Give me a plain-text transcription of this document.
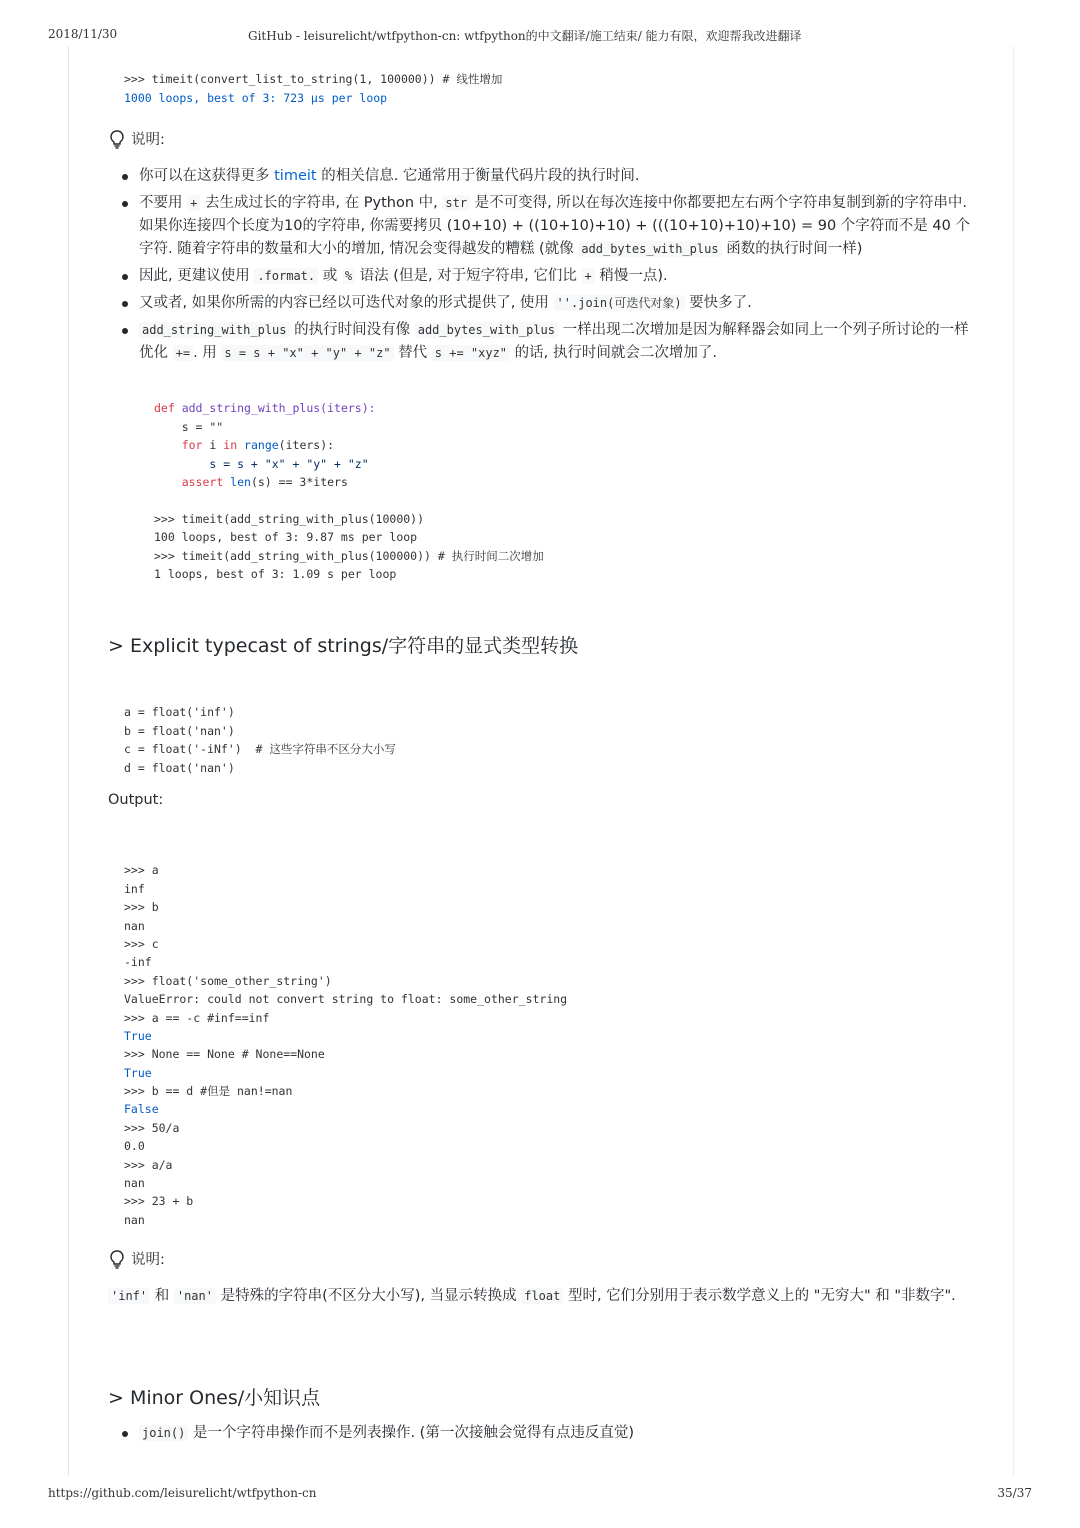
2018/11/30	GitHub - leisurelicht/wtfpython-cn: wtfpython的中文翻译/施工结束/ 能力有限，欢迎帮我改进翻译

>>> timeit(convert_list_to_string(1, 100000)) # 线性增加
1000 loops, best of 3: 723 μs per loop
说明:
你可以在这获得更多 timeit 的相关信息. 它通常用于衡量代码片段的执行时间.
不要用 + 去生成过长的字符串, 在 Python 中, str 是不可变得, 所以在每次连接中你都要把左右两个字符串复制到新的字符串中. 如果你连接四个长度为10的字符串, 你需要拷贝 (10+10) + ((10+10)+10) + (((10+10)+10)+10) = 90 个字符而不是 40 个字符. 随着字符串的数量和大小的增加, 情况会变得越发的糟糕 (就像 add_bytes_with_plus 函数的执行时间一样)
因此, 更建议使用 .format. 或 % 语法 (但是, 对于短字符串, 它们比 + 稍慢一点).
又或者, 如果你所需的内容已经以可迭代对象的形式提供了, 使用 ''.join(可迭代对象) 要快多了.
add_string_with_plus 的执行时间没有像 add_bytes_with_plus 一样出现二次增加是因为解释器会如同上一个列子所讨论的一样优化 += . 用 s = s + "x" + "y" + "z" 替代 s += "xyz" 的话, 执行时间就会二次增加了.

def add_string_with_plus(iters):
s = ""
for i in range(iters):
s = s + "x" + "y" + "z"
assert len(s) == 3*iters
>>> timeit(add_string_with_plus(10000))
100 loops, best of 3: 9.87 ms per loop
>>> timeit(add_string_with_plus(100000)) # 执行时间二次增加
1 loops, best of 3: 1.09 s per loop
> Explicit typecast of strings/字符串的显式类型转换

a = float('inf')
b = float('nan')
c = float('-iNf')  # 这些字符串不区分大小写
d = float('nan')
Output:

>>> a
inf
>>> b
nan
>>> c
-inf
>>> float('some_other_string')
ValueError: could not convert string to float: some_other_string
>>> a == -c #inf==inf
True
>>> None == None # None==None
True
>>> b == d #但是 nan!=nan
False
>>> 50/a
0.0
>>> a/a
nan
>>> 23 + b
nan
说明:
'inf' 和 'nan' 是特殊的字符串(不区分大小写), 当显示转换成 float 型时, 它们分别用于表示数学意义上的 "无穷大" 和 "非数字".
> Minor Ones/小知识点
join() 是一个字符串操作而不是列表操作. (第一次接触会觉得有点违反直觉)
https://github.com/leisurelicht/wtfpython-cn	35/37
